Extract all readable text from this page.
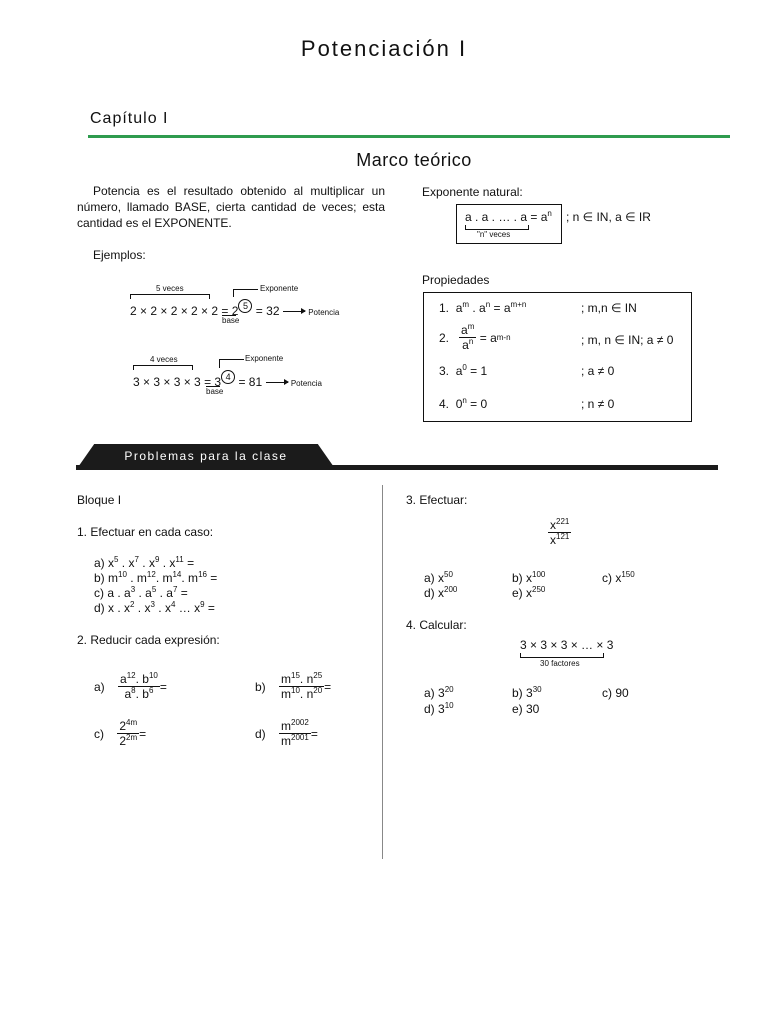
Potenciación I
Capítulo I
Marco teórico
Potencia es el resultado obtenido al multiplicar un número, llamado BASE, cierta cantidad de veces; esta cantidad es el EXPONENTE.
Ejemplos:
5 veces
2 × 2 × 2 × 2 × 2 = 2 5 = 32	Potencia
Exponente
base
4 veces
3 × 3 × 3 × 3 = 3 4 = 81	Potencia
Exponente
base
Exponente natural:
a . a . … . $a = a^n$
"n" veces
; n ∈ IN, a ∈ IR
Propiedades
1. $a^m$ . $a^n = a^{m+n}$	; m,n ∈ IN
2.
$\frac{a^m}{a^n}$
= a m-n	; m, n ∈ IN; a ≠ 0
3. $a^0 = 1$	; a ≠ 0
4. $0^n = 0$	; n ≠ 0
Problemas para la clase
Bloque I
1. Efectuar en cada caso:
a) $x^5$ . $x^7$ . $x^9$ . $x^{11}$ =
b) $m^{10}$ . $m^{12}$. $m^{14}$. $m^{16}$ =
c) a . $a^3$ . $a^5$ . $a^7$ =
d) x . $x^2$ . $x^3$ . $x^4$ … $x^9$ =
2. Reducir cada expresión:
a)
$\frac{a^{12}. b^{10}}{a^8. b^6}$ =	b)
$\frac{m^{15}. n^{25}}{m^{10}. n^{20}}$ =
c)
$\frac{2^{4m}}{2^{2m}}$ =	d)
$\frac{m^{2002}}{m^{2001}}$ =
3. Efectuar:
$\frac{x^{221}}{x^{121}}$
a) $x^{50}$	b) $x^{100}$	c) $x^{150}$
d) $x^{200}$	e) $x^{250}$
4. Calcular:
3 × 3 × 3 × … × 3
30 factores
a) $3^{20}$	b) $3^{30}$	c) 90
d) $3^{10}$	e) 30
